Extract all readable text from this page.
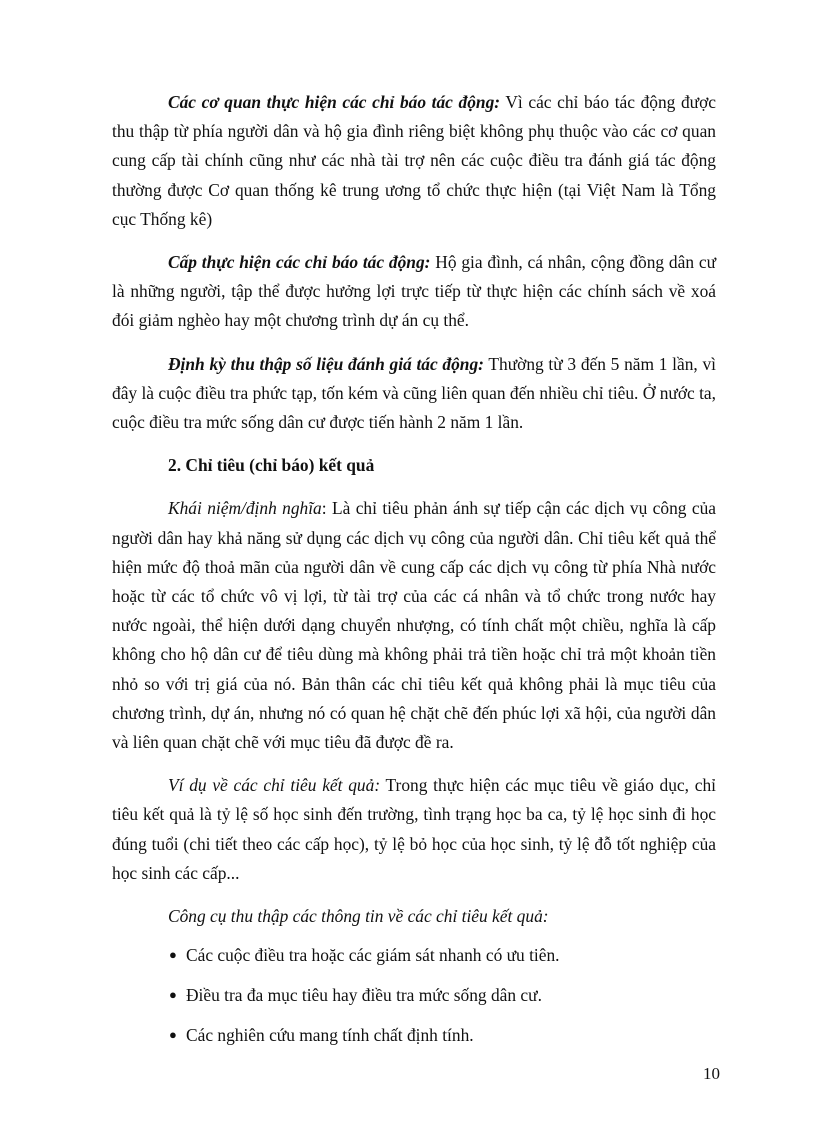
Các cơ quan thực hiện các chỉ báo tác động: Vì các chỉ báo tác động được thu thập từ phía người dân và hộ gia đình riêng biệt không phụ thuộc vào các cơ quan cung cấp tài chính cũng như các nhà tài trợ nên các cuộc điều tra đánh giá tác động thường được Cơ quan thống kê trung ương tổ chức thực hiện (tại Việt Nam là Tổng cục Thống kê)

Cấp thực hiện các chỉ báo tác động: Hộ gia đình, cá nhân, cộng đồng dân cư là những người, tập thể được hưởng lợi trực tiếp từ thực hiện các chính sách về xoá đói giảm nghèo hay một chương trình dự án cụ thể.

Định kỳ thu thập số liệu đánh giá tác động: Thường từ 3 đến 5 năm 1 lần, vì đây là cuộc điều tra phức tạp, tốn kém và cũng liên quan đến nhiều chỉ tiêu. Ở nước ta, cuộc điều tra mức sống dân cư được tiến hành 2 năm 1 lần.

2. Chỉ tiêu (chỉ báo) kết quả

Khái niệm/định nghĩa: Là chỉ tiêu phản ánh sự tiếp cận các dịch vụ công của người dân hay khả năng sử dụng các dịch vụ công của người dân. Chỉ tiêu kết quả thể hiện mức độ thoả mãn của người dân về cung cấp các dịch vụ công từ phía Nhà nước hoặc từ các tổ chức vô vị lợi, từ tài trợ của các cá nhân và tổ chức trong nước hay nước ngoài, thể hiện dưới dạng chuyển nhượng, có tính chất một chiều, nghĩa là cấp không cho hộ dân cư để tiêu dùng mà không phải trả tiền hoặc chỉ trả một khoản tiền nhỏ so với trị giá của nó. Bản thân các chỉ tiêu kết quả không phải là mục tiêu của chương trình, dự án, nhưng nó có quan hệ chặt chẽ đến phúc lợi xã hội, của người dân và liên quan chặt chẽ với mục tiêu đã được đề ra.

Ví dụ về các chỉ tiêu kết quả: Trong thực hiện các mục tiêu về giáo dục, chỉ tiêu kết quả là tỷ lệ số học sinh đến trường, tình trạng học ba ca, tỷ lệ học sinh đi học đúng tuổi (chi tiết theo các cấp học), tỷ lệ bỏ học của học sinh, tỷ lệ đỗ tốt nghiệp của học sinh các cấp...

Công cụ thu thập các thông tin về các chỉ tiêu kết quả:

● Các cuộc điều tra hoặc các giám sát nhanh có ưu tiên.
● Điều tra đa mục tiêu hay điều tra mức sống dân cư.
● Các nghiên cứu mang tính chất định tính.
10
